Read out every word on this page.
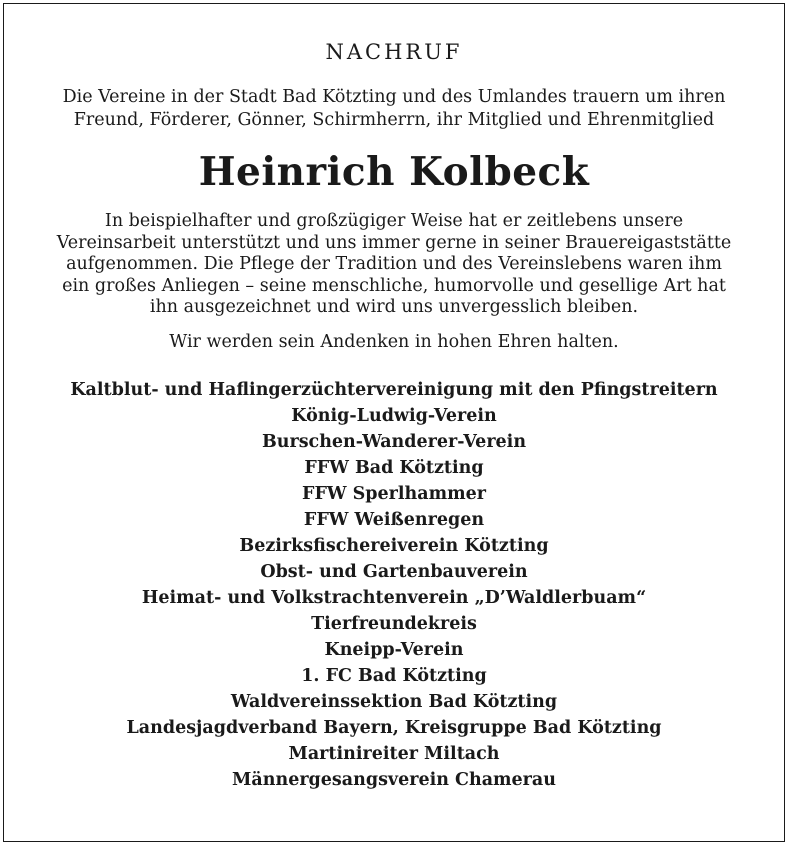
NACHRUF
Die Vereine in der Stadt Bad Kötzting und des Umlandes trauern um ihren
Freund, Förderer, Gönner, Schirmherrn, ihr Mitglied und Ehrenmitglied
Heinrich Kolbeck
In beispielhafter und großzügiger Weise hat er zeitlebens unsere
Vereinsarbeit unterstützt und uns immer gerne in seiner Brauereigaststätte
aufgenommen. Die Pflege der Tradition und des Vereinslebens waren ihm
ein großes Anliegen – seine menschliche, humorvolle und gesellige Art hat
ihn ausgezeichnet und wird uns unvergesslich bleiben.
Wir werden sein Andenken in hohen Ehren halten.
Kaltblut- und Haflingerzüchtervereinigung mit den Pfingstreitern
König-Ludwig-Verein
Burschen-Wanderer-Verein
FFW Bad Kötzting
FFW Sperlhammer
FFW Weißenregen
Bezirksfischereiverein Kötzting
Obst- und Gartenbauverein
Heimat- und Volkstrachtenverein „D’Waldlerbuam“
Tierfreundekreis
Kneipp-Verein
1. FC Bad Kötzting
Waldvereinssektion Bad Kötzting
Landesjagdverband Bayern, Kreisgruppe Bad Kötzting
Martinireiter Miltach
Männergesangsverein Chamerau
